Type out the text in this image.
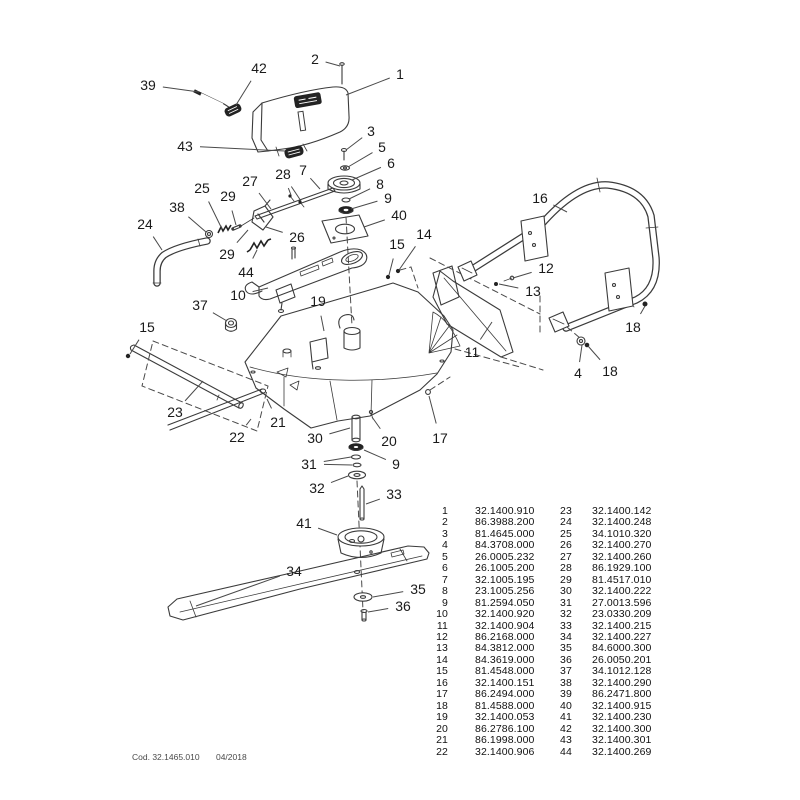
1
2
39
42
43
3
5
6
7
8
9
40
25 27 28
38
29
24
29
26
44
10
37	19
15
14
16
12
13
11
18
18
4
15
23
22
21
30	20	17
31	9
32	33
41
34
35
36
1	32.1400.910	23	32.1400.142
2	86.3988.200	24	32.1400.248
3	81.4645.000	25	34.1010.320
4	84.3708.000	26	32.1400.270
5	26.0005.232	27	32.1400.260
6	26.1005.200	28	86.1929.100
7	32.1005.195	29	81.4517.010
8	23.1005.256	30	32.1400.222
9	81.2594.050	31	27.0013.596
10	32.1400.920	32	23.0330.209
11	32.1400.904	33	32.1400.215
12	86.2168.000	34	32.1400.227
13	84.3812.000	35	84.6000.300
14	84.3619.000	36	26.0050.201
15	81.4548.000	37	34.1012.128
16	32.1400.151	38	32.1400.290
17	86.2494.000	39	86.2471.800
18	81.4588.000	40	32.1400.915
19	32.1400.053	41	32.1400.230
20	86.2786.100	42	32.1400.300
21	86.1998.000	43	32.1400.301
22	32.1400.906	44	32.1400.269
Cod. 32.1465.010 04/2018
